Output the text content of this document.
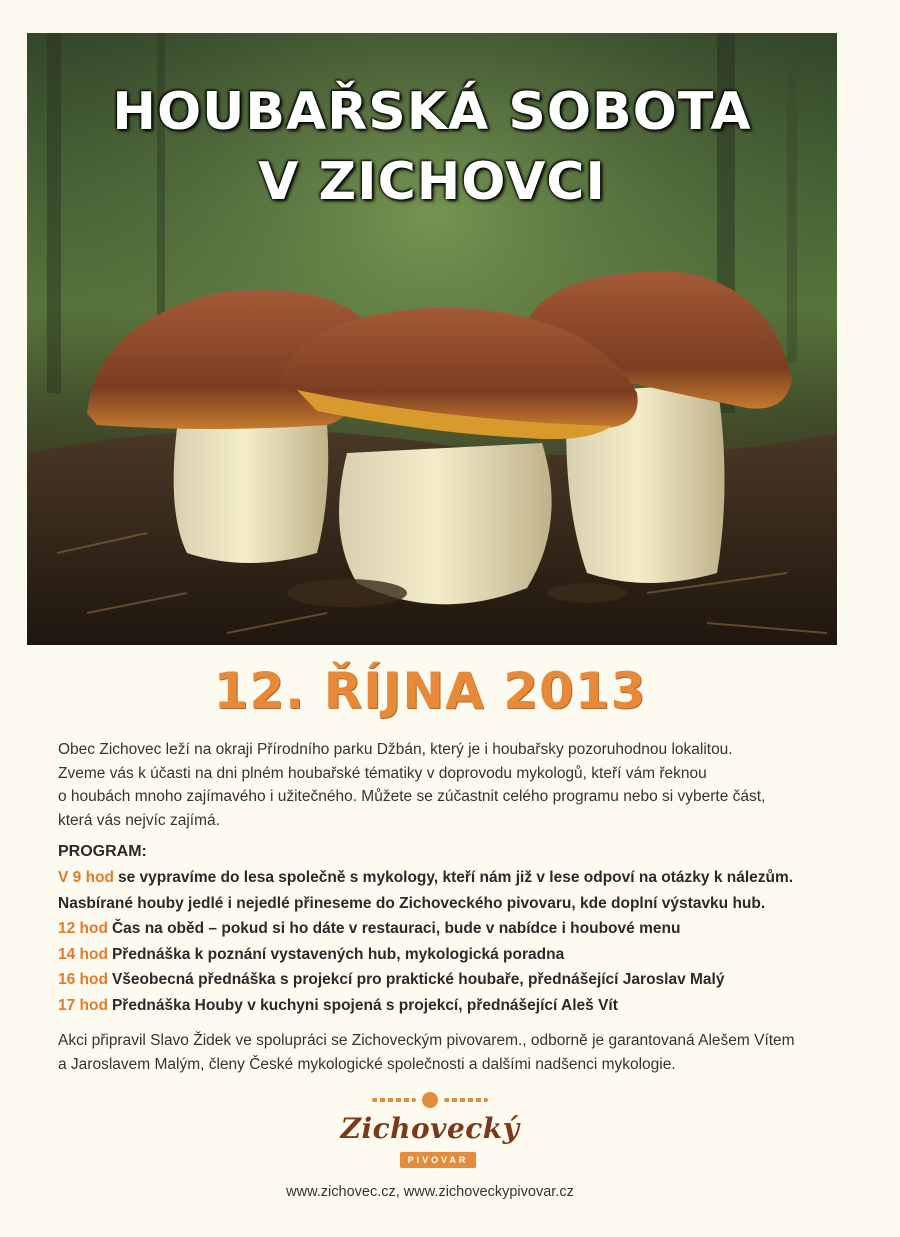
HOUBAŘSKÁ SOBOTA
V ZICHOVCI
12. ŘÍJNA 2013
Obec Zichovec leží na okraji Přírodního parku Džbán, který je i houbařsky pozoruhodnou lokalitou.
Zveme vás k účasti na dni plném houbařské tématiky v doprovodu mykologů, kteří vám řeknou
o houbách mnoho zajímavého i užitečného. Můžete se zúčastnit celého programu nebo si vyberte část,
která vás nejvíc zajímá.
PROGRAM:
V 9 hod se vypravíme do lesa společně s mykology, kteří nám již v lese odpoví na otázky k nálezům.
Nasbírané houby jedlé i nejedlé přineseme do Zichoveckého pivovaru, kde doplní výstavku hub.
12 hod Čas na oběd – pokud si ho dáte v restauraci, bude v nabídce i houbové menu
14 hod Přednáška k poznání vystavených hub, mykologická poradna
16 hod Všeobecná přednáška s projekcí pro praktické houbaře, přednášející Jaroslav Malý
17 hod Přednáška Houby v kuchyni spojená s projekcí, přednášející Aleš Vít
Akci připravil Slavo Židek ve spolupráci se Zichoveckým pivovarem., odborně je garantovaná Alešem Vítem
a Jaroslavem Malým, členy České mykologické společnosti a dalšími nadšenci mykologie.
Zichovecký
PIVOVAR
www.zichovec.cz, www.zichoveckypivovar.cz
